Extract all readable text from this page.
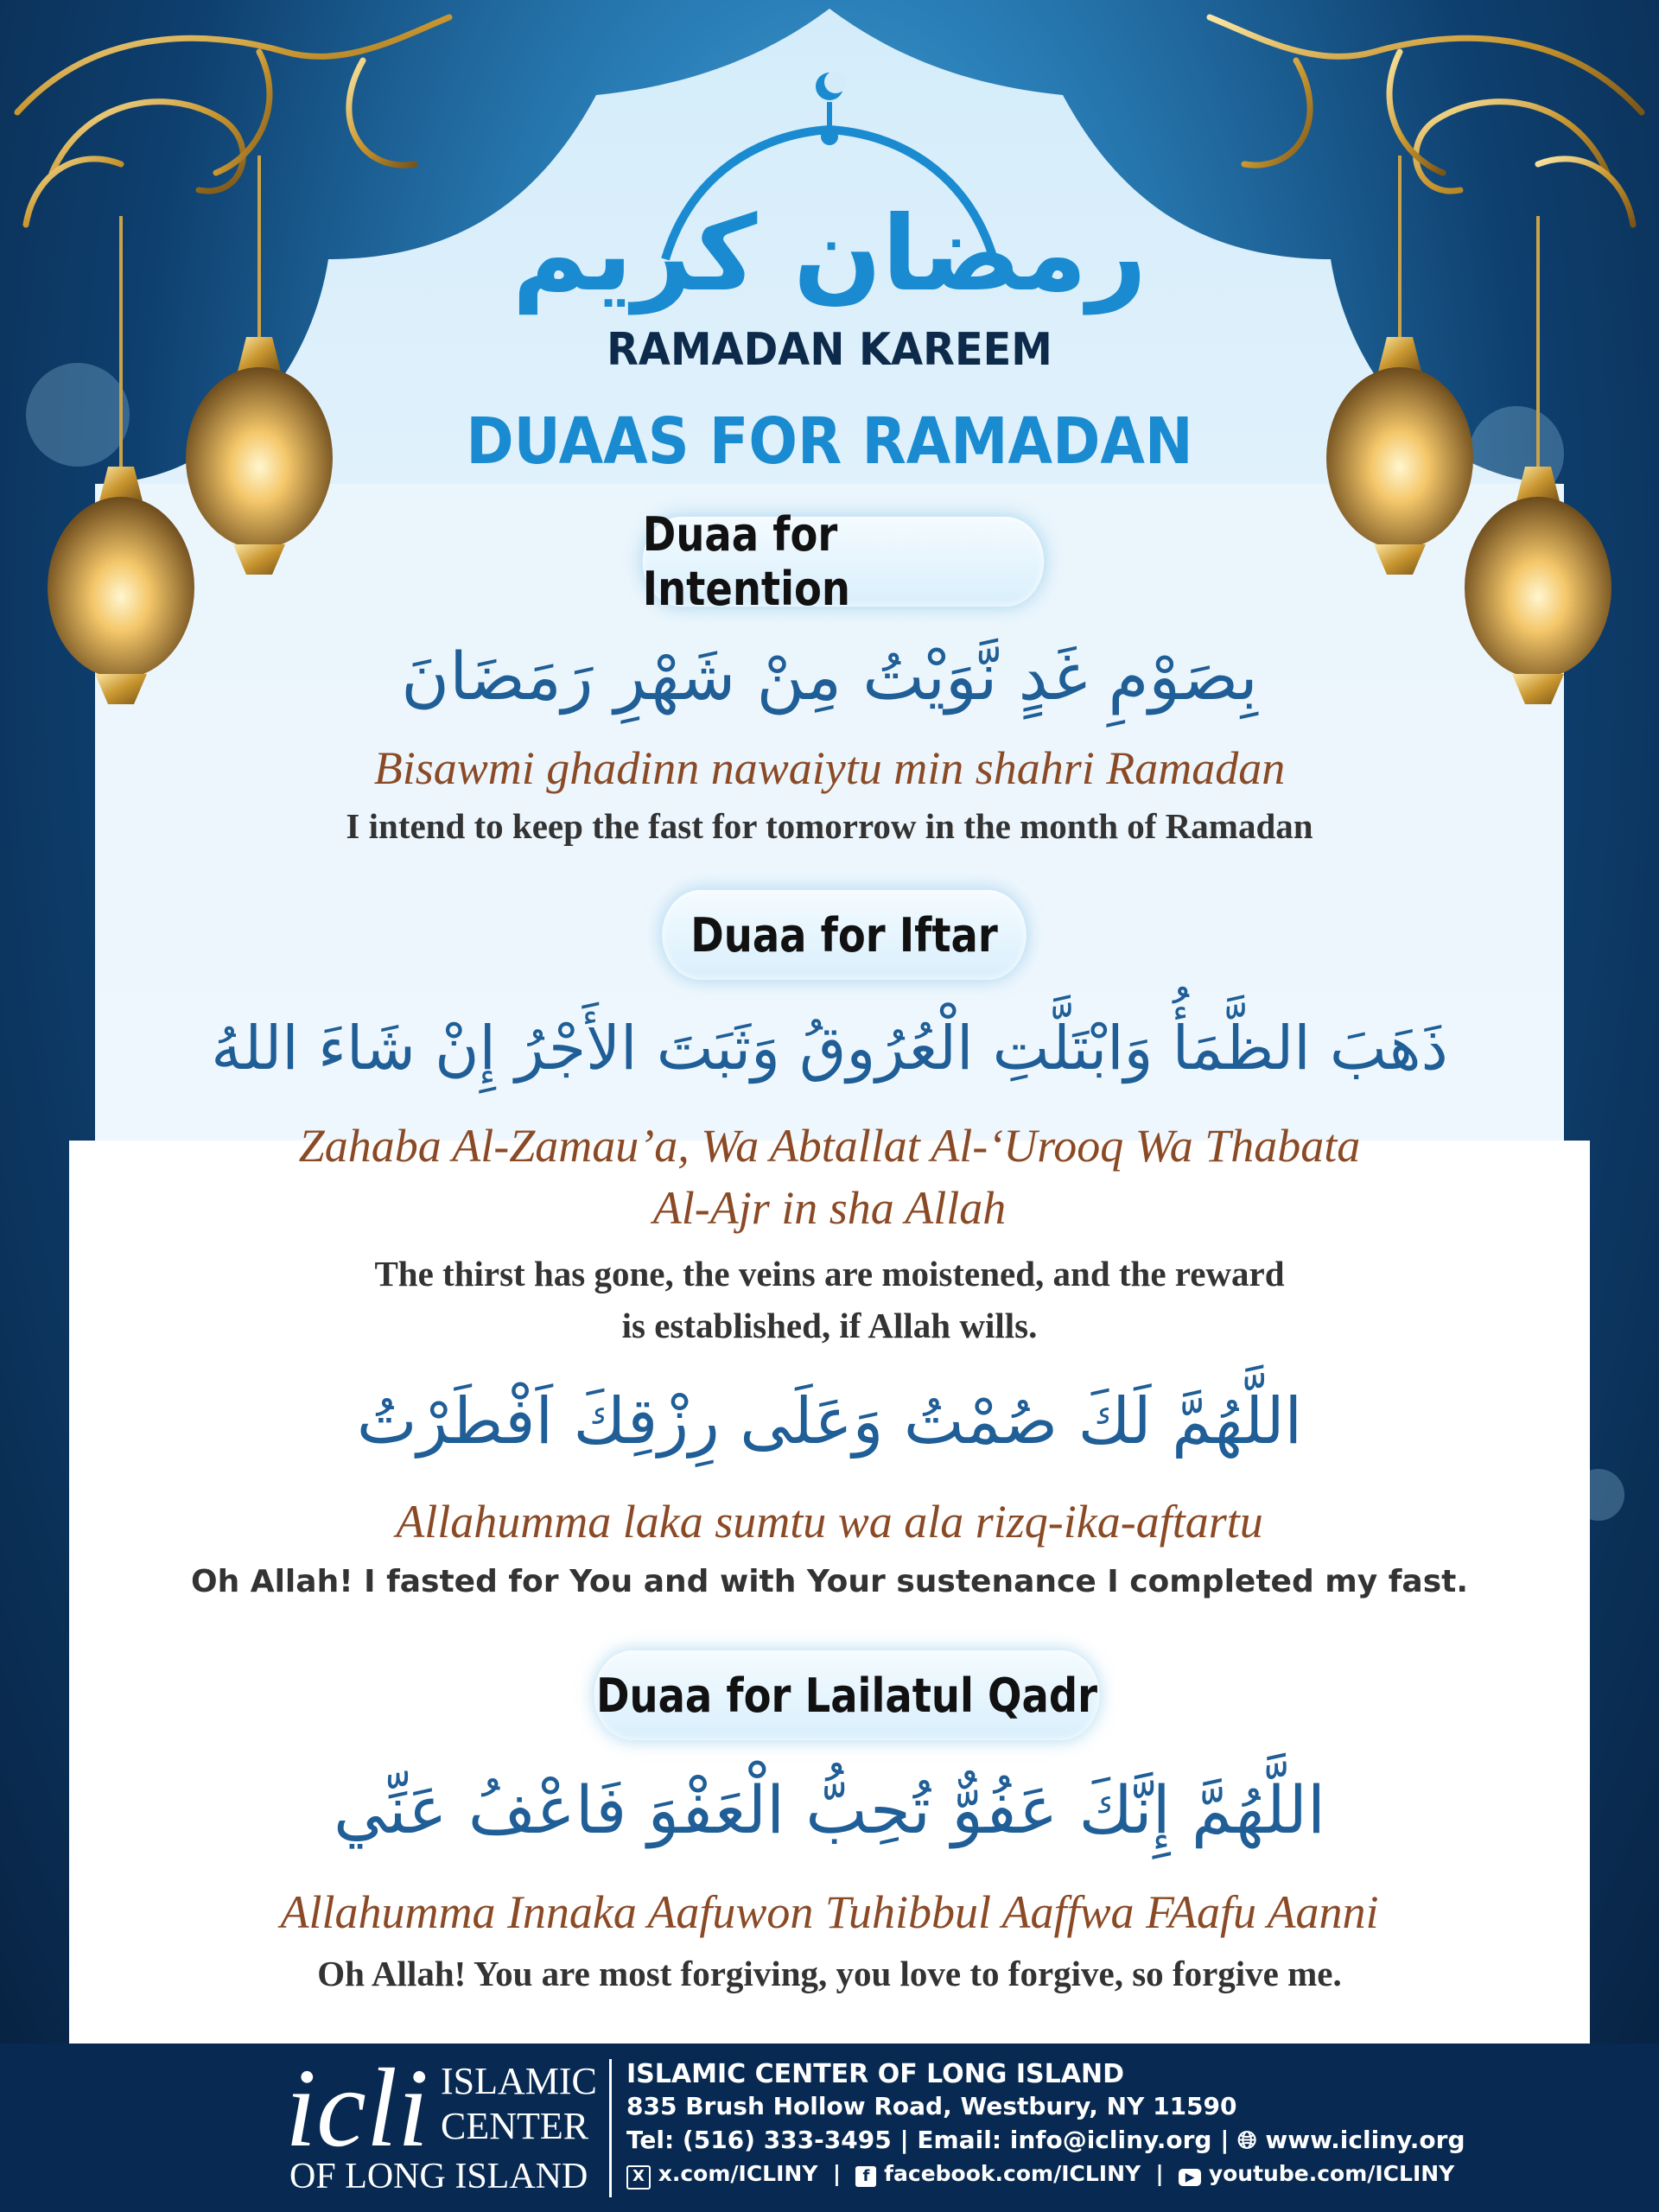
رمضان كريم
RAMADAN KAREEM
DUAAS FOR RAMADAN
Duaa for Intention
بِصَوْمِ غَدٍ نَّوَيْتُ مِنْ شَهْرِ رَمَضَانَ
Bisawmi ghadinn nawaiytu min shahri Ramadan
I intend to keep the fast for tomorrow in the month of Ramadan
Duaa for Iftar
ذَهَبَ الظَّمَأُ وَابْتَلَّتِ الْعُرُوقُ وَثَبَتَ الأَجْرُ إِنْ شَاءَ اللهُ
Zahaba Al-Zamau’a, Wa Abtallat Al-‘Urooq Wa Thabata
Al-Ajr in sha Allah
The thirst has gone, the veins are moistened, and the reward
is established, if Allah wills.
اللَّهُمَّ لَكَ صُمْتُ وَعَلَى رِزْقِكَ اَفْطَرْتُ
Allahumma laka sumtu wa ala rizq-ika-aftartu
Oh Allah! I fasted for You and with Your sustenance I completed my fast.
Duaa for Lailatul Qadr
اللَّهُمَّ إِنَّكَ عَفُوٌّ تُحِبُّ الْعَفْوَ فَاعْفُ عَنِّي
Allahumma Innaka Aafuwon Tuhibbul Aaffwa FAafu Aanni
Oh Allah! You are most forgiving, you love to forgive, so forgive me.
icli ISLAMIC
CENTER
OF LONG ISLAND
ISLAMIC CENTER OF LONG ISLAND
835 Brush Hollow Road, Westbury, NY 11590
Tel: (516) 333-3495 | Email: info@icliny.org | 🌐︎ www.icliny.org
X x.com/ICLINY  |  f facebook.com/ICLINY  |  ▶ youtube.com/ICLINY
